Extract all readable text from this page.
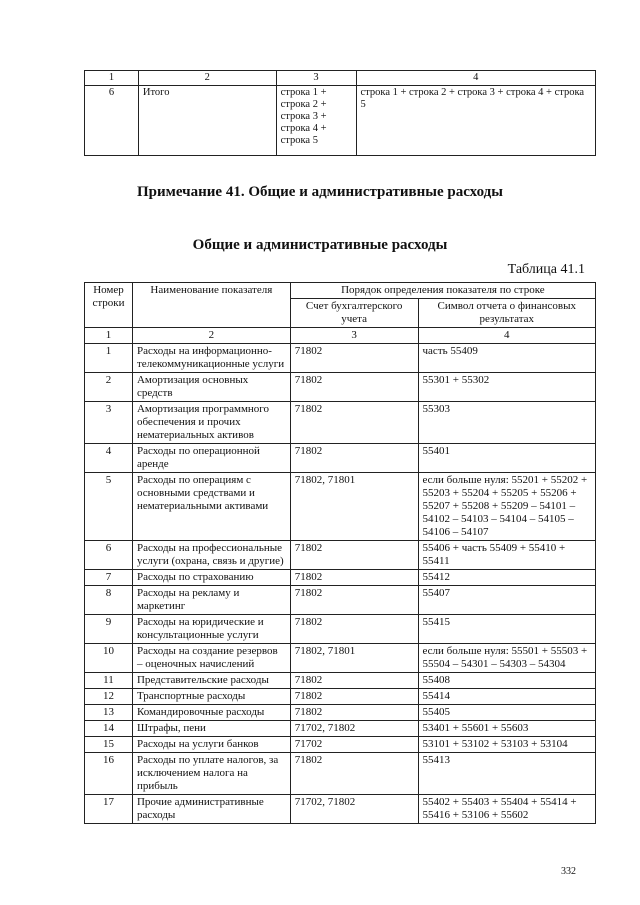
1	2	3	4
6	Итого	строка 1 + строка 2 + строка 3 + строка 4 + строка 5	строка 1 + строка 2 + строка 3 + строка 4 + строка 5
Примечание 41. Общие и административные расходы
Общие и административные расходы
Таблица 41.1
Номер строки	Наименование показателя	Порядок определения показателя по строке	
		Счет бухгалтерского учета	Символ отчета о финансовых результатах
1	2	3	4
1	Расходы на информационно-телекоммуникационные услуги	71802	часть 55409
2	Амортизация основных средств	71802	55301 + 55302
3	Амортизация программного обеспечения и прочих нематериальных активов	71802	55303
4	Расходы по операционной аренде	71802	55401
5	Расходы по операциям с основными средствами и нематериальными активами	71802, 71801	если больше нуля: 55201 + 55202 + 55203 + 55204 + 55205 + 55206 + 55207 + 55208 + 55209 – 54101 – 54102 – 54103 – 54104 – 54105 – 54106 – 54107
6	Расходы на профессиональные услуги (охрана, связь и другие)	71802	55406 + часть 55409 + 55410 + 55411
7	Расходы по страхованию	71802	55412
8	Расходы на рекламу и маркетинг	71802	55407
9	Расходы на юридические и консультационные услуги	71802	55415
10	Расходы на создание резервов – оценочных начислений	71802, 71801	если больше нуля: 55501 + 55503 + 55504 – 54301 – 54303 – 54304
11	Представительские расходы	71802	55408
12	Транспортные расходы	71802	55414
13	Командировочные расходы	71802	55405
14	Штрафы, пени	71702, 71802	53401 + 55601 + 55603
15	Расходы на услуги банков	71702	53101 + 53102 + 53103 + 53104
16	Расходы по уплате налогов, за исключением налога на прибыль	71802	55413
17	Прочие административные расходы	71702, 71802	55402 + 55403 + 55404 + 55414 + 55416 + 53106 + 55602
332
